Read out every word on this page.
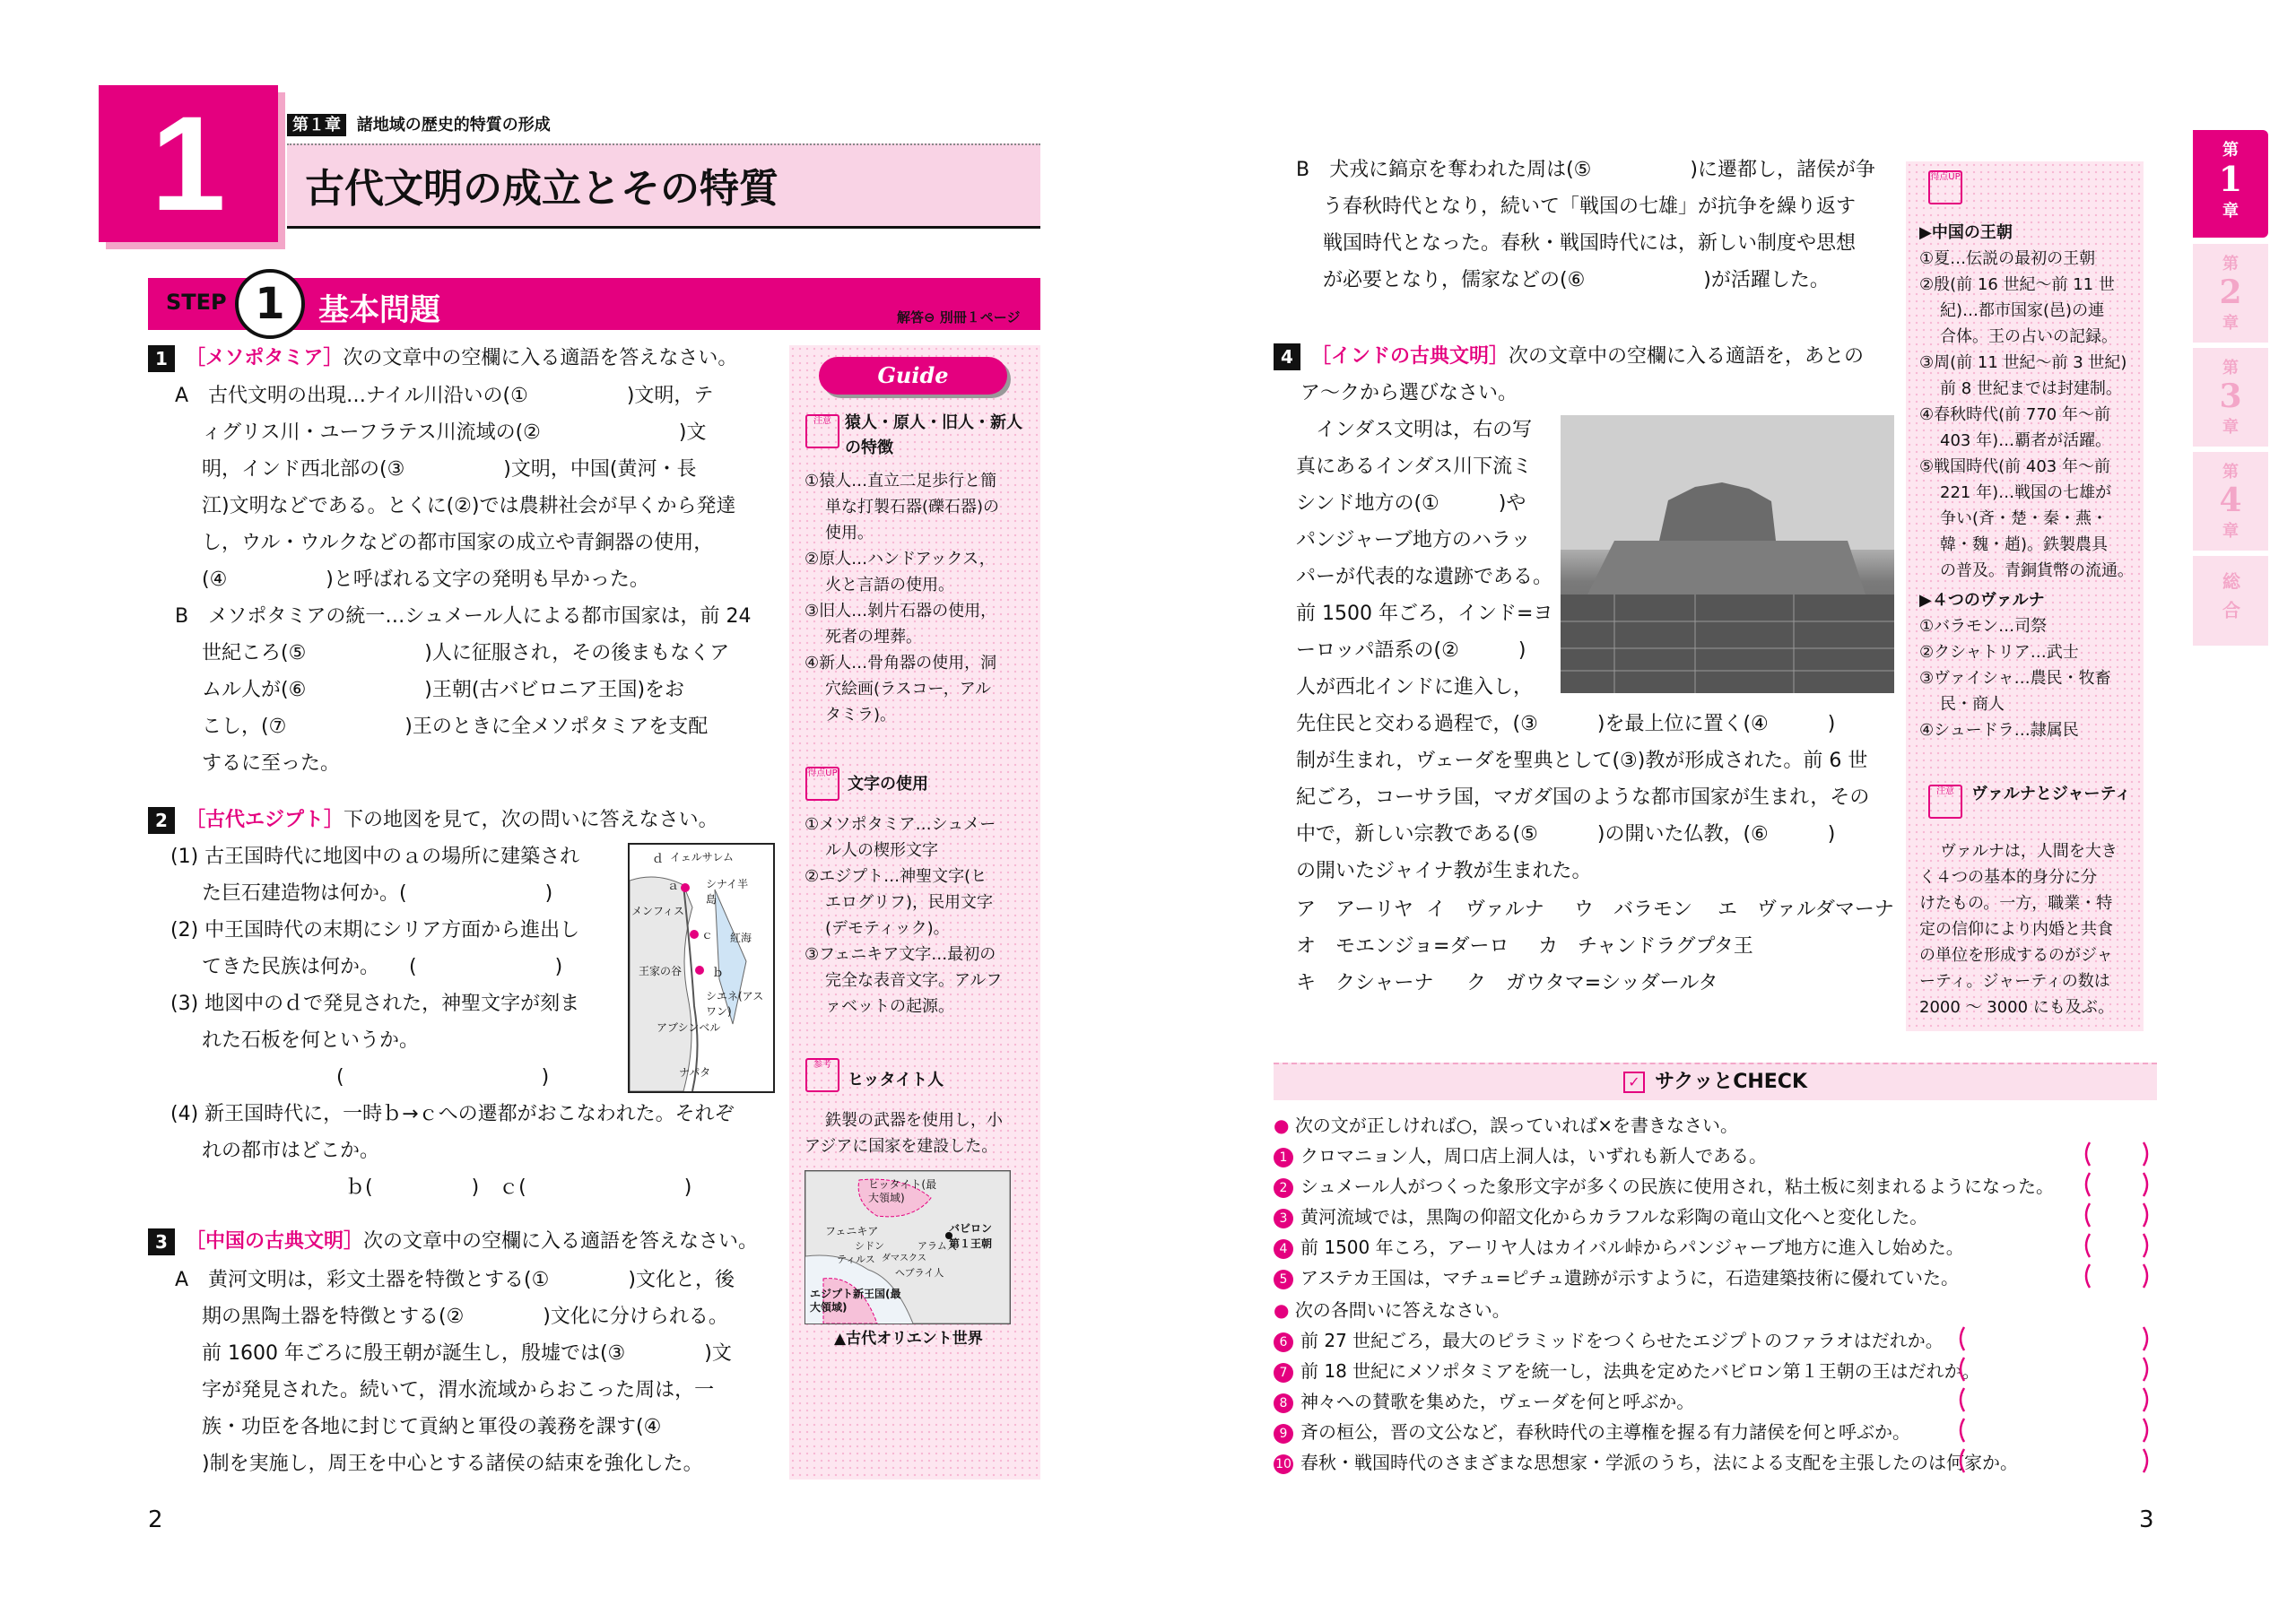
1	第１章 諸地域の歴史的特質の形成
古代文明の成立とその特質
STEP 1	基本問題	解答⊖ 別冊１ページ
1 ［メソポタミア］次の文章中の空欄に入る適語を答えなさい。
A　古代文明の出現…ナイル川沿いの(①　　　　　)文明，テ
ィグリス川・ユーフラテス川流域の(②　　　　　　　)文
明，インド西北部の(③　　　　　)文明，中国(黄河・長
江)文明などである。とくに(②)では農耕社会が早くから発達
し，ウル・ウルクなどの都市国家の成立や青銅器の使用，
(④　　　　　)と呼ばれる文字の発明も早かった。
B　メソポタミアの統一…シュメール人による都市国家は，前 24
世紀ころ(⑤　　　　　　)人に征服され，その後まもなくア
ムル人が(⑥　　　　　　)王朝(古バビロニア王国)をお
こし，(⑦　　　　　　)王のときに全メソポタミアを支配
するに至った。
2 ［古代エジプト］下の地図を見て，次の問いに答えなさい。
(1) 古王国時代に地図中のａの場所に建築され
た巨石建造物は何か。(　　　　　　　)
(2) 中王国時代の末期にシリア方面から進出し
てきた民族は何か。　　(　　　　　　　)
(3) 地図中のｄで発見された，神聖文字が刻ま
れた石板を何というか。
(　　　　　　　　　　)
(4) 新王国時代に，一時ｂ→ｃへの遷都がおこなわれた。それぞ
れの都市はどこか。
ｂ(　　　　　)　ｃ(　　　　　　　　)
ｄ イェルサレム
ａ
メンフィス
シナイ半島
ｃ 紅海
王家の谷	ｂ
シエネ(アスワン)
アブシンベル
ナパタ
3 ［中国の古典文明］次の文章中の空欄に入る適語を答えなさい。
A　黄河文明は，彩文土器を特徴とする(①　　　　)文化と，後
期の黒陶土器を特徴とする(②　　　　)文化に分けられる。
前 1600 年ごろに殷王朝が誕生し，殷墟では(③　　　　)文
字が発見された。続いて，渭水流域からおこった周は，一
族・功臣を各地に封じて貢納と軍役の義務を課す(④
)制を実施し，周王を中心とする諸侯の結束を強化した。
2
Guide
注意 猿人・原人・旧人・新人の特徴
①猿人…直立二足歩行と簡
単な打製石器(礫石器)の
使用。
②原人…ハンドアックス，
火と言語の使用。
③旧人…剝片石器の使用，
死者の埋葬。
④新人…骨角器の使用，洞
穴絵画(ラスコー，アル
タミラ)。
得点UP
文字の使用
①メソポタミア…シュメー
ル人の楔形文字
②エジプト…神聖文字(ヒ
エログリフ)，民用文字
(デモティック)。
③フェニキア文字…最初の
完全な表音文字。アルフ
ァベットの起源。
参考
ヒッタイト人
鉄製の武器を使用し，小
アジアに国家を建設した。
ヒッタイト(最大領域)
バビロン
第１王朝
フェニキア
シドン
ティルス ダマスクス
アラム人
ヘブライ人
エジプト新王国(最大領域)
▲古代オリエント世界
B　犬戎に鎬京を奪われた周は(⑤　　　　　)に遷都し，諸侯が争
う春秋時代となり，続いて「戦国の七雄」が抗争を繰り返す
戦国時代となった。春秋・戦国時代には，新しい制度や思想
が必要となり，儒家などの(⑥　　　　　　)が活躍した。
4 ［インドの古典文明］次の文章中の空欄に入る適語を，あとの
ア～クから選びなさい。
　インダス文明は，右の写
真にあるインダス川下流ミ
シンド地方の(①　　　)や
パンジャーブ地方のハラッ
パーが代表的な遺跡である。
前 1500 年ごろ，インド=ヨ
ーロッパ語系の(②　　　)
人が西北インドに進入し，
先住民と交わる過程で，(③　　　)を最上位に置く(④　　　)
制が生まれ，ヴェーダを聖典として(③)教が形成された。前 6 世
紀ごろ，コーサラ国，マガダ国のような都市国家が生まれ，その
中で，新しい宗教である(⑤　　　)の開いた仏教，(⑥　　　)
の開いたジャイナ教が生まれた。
ア　アーリヤ イ　ヴァルナ ウ　バラモン エ　ヴァルダマーナ
オ　モエンジョ=ダーロ カ　チャンドラグプタ王
キ　クシャーナ ク　ガウタマ=シッダールタ
得点UP
▶中国の王朝
①夏…伝説の最初の王朝
②殷(前 16 世紀～前 11 世
紀)…都市国家(邑)の連
合体。王の占いの記録。
③周(前 11 世紀～前 3 世紀)
前 8 世紀までは封建制。
④春秋時代(前 770 年～前
403 年)…覇者が活躍。
⑤戦国時代(前 403 年～前
221 年)…戦国の七雄が
争い(斉・楚・秦・燕・
韓・魏・趙)。鉄製農具
の普及。青銅貨幣の流通。
▶４つのヴァルナ
①バラモン…司祭
②クシャトリア…武士
③ヴァイシャ…農民・牧畜
民・商人
④シュードラ…隷属民
注意	ヴァルナとジャーティ
ヴァルナは，人間を大き
く４つの基本的身分に分
けたもの。一方，職業・特
定の信仰により内婚と共食
の単位を形成するのがジャ
ーティ。ジャーティの数は
2000 ～ 3000 にも及ぶ。
第
1
章
第
2
章
第
3
章
第
4
章
総合
✓ サクッとCHECK
● 次の文が正しければ○，誤っていれば×を書きなさい。
1 クロマニョン人，周口店上洞人は，いずれも新人である。
2 シュメール人がつくった象形文字が多くの民族に使用され，粘土板に刻まれるようになった。
3 黄河流域では，黒陶の仰韶文化からカラフルな彩陶の竜山文化へと変化した。
4 前 1500 年ころ，アーリヤ人はカイバル峠からパンジャーブ地方に進入し始めた。
5 アステカ王国は，マチュ=ピチュ遺跡が示すように，石造建築技術に優れていた。
● 次の各問いに答えなさい。
6 前 27 世紀ごろ，最大のピラミッドをつくらせたエジプトのファラオはだれか。
7 前 18 世紀にメソポタミアを統一し，法典を定めたバビロン第１王朝の王はだれか。
8 神々への賛歌を集めた，ヴェーダを何と呼ぶか。
9 斉の桓公，晋の文公など，春秋時代の主導権を握る有力諸侯を何と呼ぶか。
10 春秋・戦国時代のさまざまな思想家・学派のうち，法による支配を主張したのは何家か。
3
